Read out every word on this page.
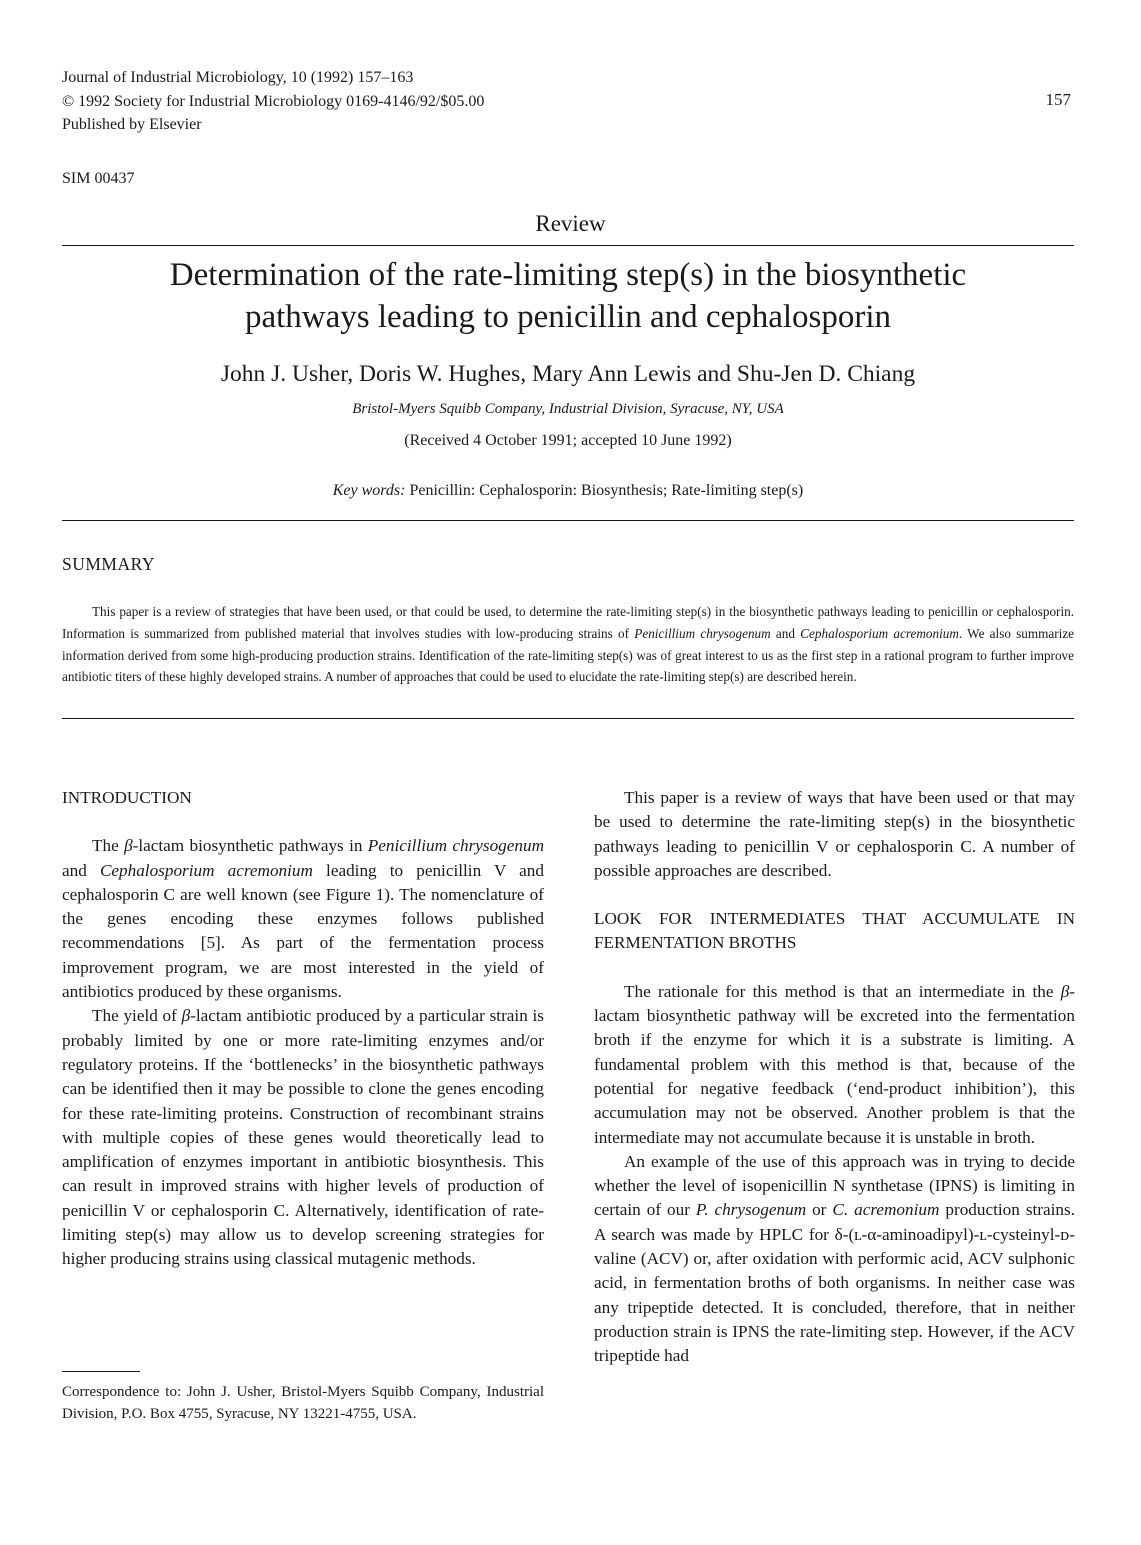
Journal of Industrial Microbiology, 10 (1992) 157–163
© 1992 Society for Industrial Microbiology 0169-4146/92/$05.00
Published by Elsevier
157
SIM 00437
Review
Determination of the rate-limiting step(s) in the biosynthetic
pathways leading to penicillin and cephalosporin
John J. Usher, Doris W. Hughes, Mary Ann Lewis and Shu-Jen D. Chiang
Bristol-Myers Squibb Company, Industrial Division, Syracuse, NY, USA
(Received 4 October 1991; accepted 10 June 1992)
Key words: Penicillin: Cephalosporin: Biosynthesis; Rate-limiting step(s)
SUMMARY
This paper is a review of strategies that have been used, or that could be used, to determine the rate-limiting step(s) in the biosynthetic pathways leading to penicillin or cephalosporin. Information is summarized from published material that involves studies with low-producing strains of Penicillium chrysogenum and Cephalosporium acremonium. We also summarize information derived from some high-producing production strains. Identification of the rate-limiting step(s) was of great interest to us as the first step in a rational program to further improve antibiotic titers of these highly developed strains. A number of approaches that could be used to elucidate the rate-limiting step(s) are described herein.
INTRODUCTION

The β-lactam biosynthetic pathways in Penicillium chrysogenum and Cephalosporium acremonium leading to penicillin V and cephalosporin C are well known (see Figure 1). The nomenclature of the genes encoding these enzymes follows published recommendations [5]. As part of the fermentation process improvement program, we are most interested in the yield of antibiotics produced by these organisms.

The yield of β-lactam antibiotic produced by a particular strain is probably limited by one or more rate-limiting enzymes and/or regulatory proteins. If the ‘bottlenecks’ in the biosynthetic pathways can be identified then it may be possible to clone the genes encoding for these rate-limiting proteins. Construction of recombinant strains with multiple copies of these genes would theoretically lead to amplification of enzymes important in antibiotic biosynthesis. This can result in improved strains with higher levels of production of penicillin V or cephalosporin C. Alternatively, identification of rate-limiting step(s) may allow us to develop screening strategies for higher producing strains using classical mutagenic methods.

Correspondence to: John J. Usher, Bristol-Myers Squibb Company, Industrial Division, P.O. Box 4755, Syracuse, NY 13221-4755, USA.

This paper is a review of ways that have been used or that may be used to determine the rate-limiting step(s) in the biosynthetic pathways leading to penicillin V or cephalosporin C. A number of possible approaches are described.

LOOK FOR INTERMEDIATES THAT ACCUMULATE IN FERMENTATION BROTHS

The rationale for this method is that an intermediate in the β-lactam biosynthetic pathway will be excreted into the fermentation broth if the enzyme for which it is a substrate is limiting. A fundamental problem with this method is that, because of the potential for negative feedback (‘end-product inhibition’), this accumulation may not be observed. Another problem is that the intermediate may not accumulate because it is unstable in broth.

An example of the use of this approach was in trying to decide whether the level of isopenicillin N synthetase (IPNS) is limiting in certain of our P. chrysogenum or C. acremonium production strains. A search was made by HPLC for δ-(ʟ-α-aminoadipyl)-ʟ-cysteinyl-ᴅ-valine (ACV) or, after oxidation with performic acid, ACV sulphonic acid, in fermentation broths of both organisms. In neither case was any tripeptide detected. It is concluded, therefore, that in neither production strain is IPNS the rate-limiting step. However, if the ACV tripeptide had
